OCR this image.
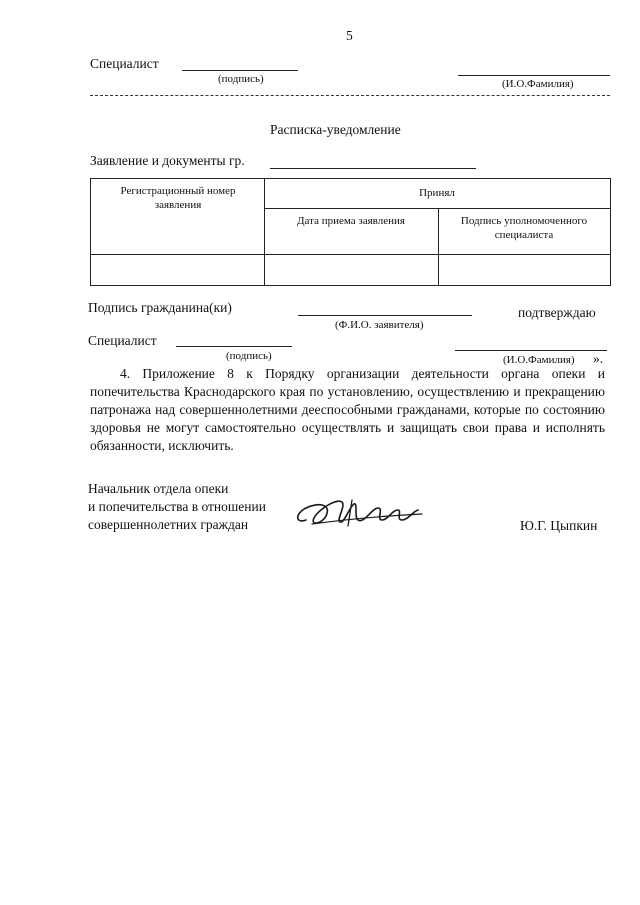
5
Специалист
(подпись)	(И.О.Фамилия)
Расписка-уведомление
Заявление и документы гр.
Регистрационный номер заявления
Принял
Дата приема заявления	Подпись уполномоченного специалиста
Подпись гражданина(ки)
(Ф.И.О. заявителя)
подтверждаю
Специалист
(подпись)	(И.О.Фамилия) ».
4. Приложение 8 к Порядку организации деятельности органа опеки и попечительства Краснодарского края по установлению, осуществлению и прекращению патронажа над совершеннолетними дееспособными гражданами, которые по состоянию здоровья не могут самостоятельно осуществлять и защищать свои права и исполнять обязанности, исключить.
Начальник отдела опеки
и попечительства в отношении
совершеннолетних граждан	Ю.Г. Цыпкин
